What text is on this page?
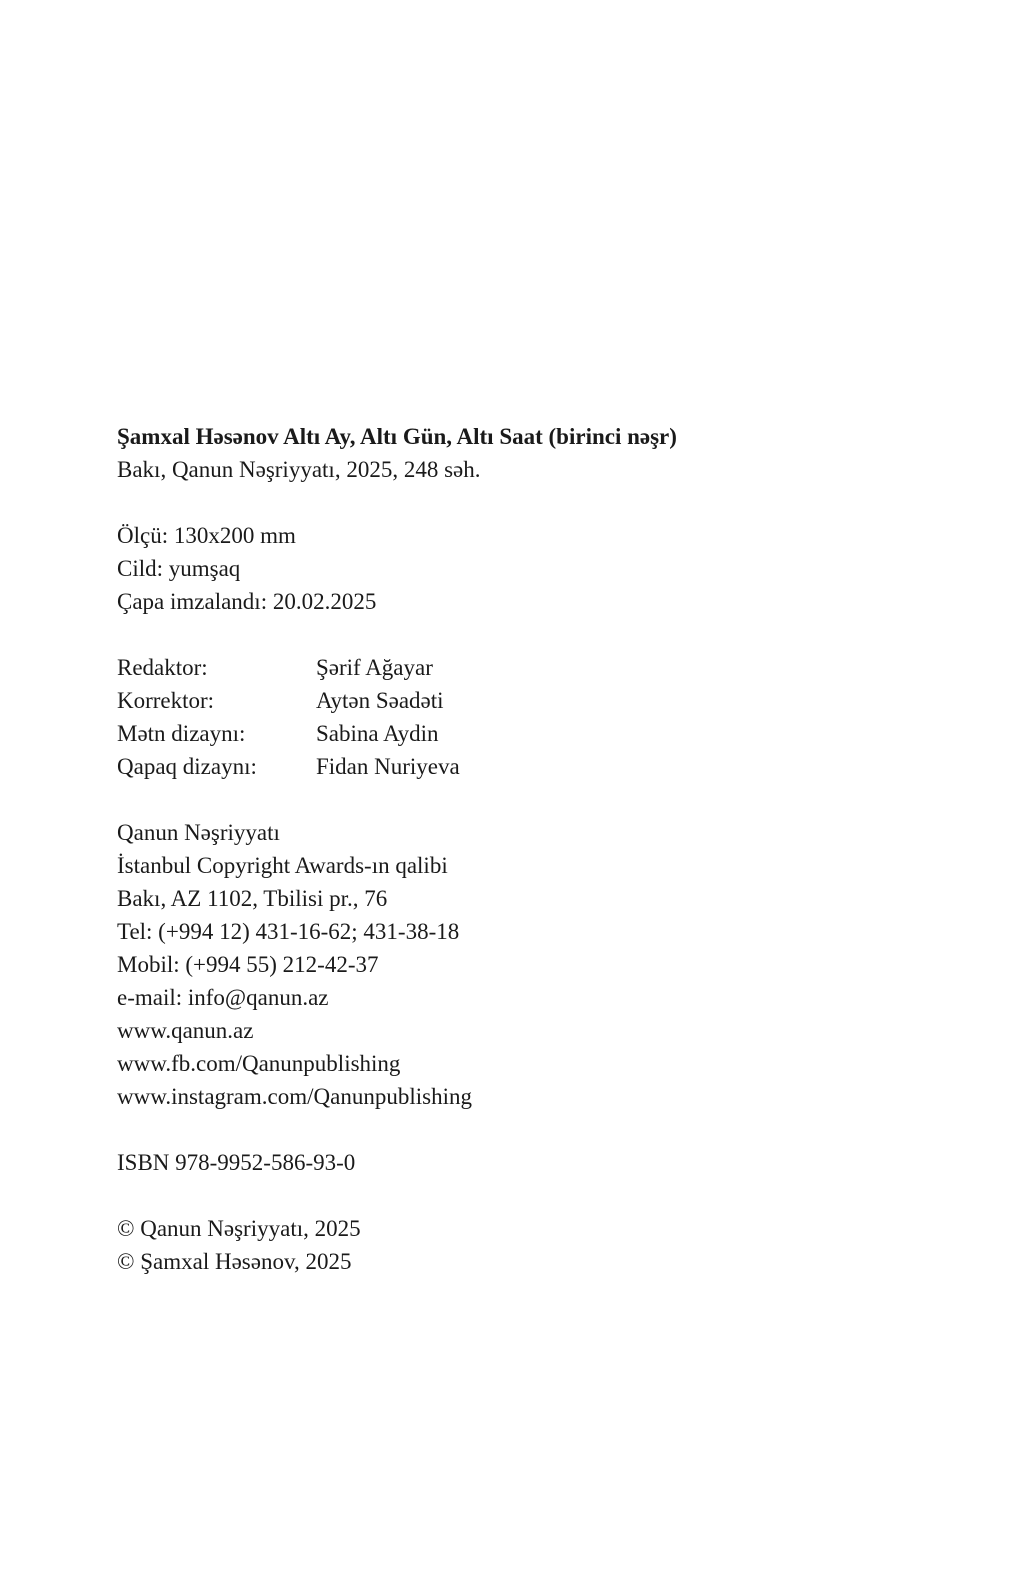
Şamxal Həsənov Altı Ay, Altı Gün, Altı Saat (birinci nəşr)
Bakı, Qanun Nəşriyyatı, 2025, 248 səh.
Ölçü: 130x200 mm
Cild: yumşaq
Çapa imzalandı: 20.02.2025
Redaktor:	Şərif Ağayar
Korrektor:	Aytən Səadəti
Mətn dizaynı:	Sabina Aydin
Qapaq dizaynı:	Fidan Nuriyeva
Qanun Nəşriyyatı
İstanbul Copyright Awards-ın qalibi
Bakı, AZ 1102, Tbilisi pr., 76
Tel: (+994 12) 431-16-62; 431-38-18
Mobil: (+994 55) 212-42-37
e-mail: info@qanun.az
www.qanun.az
www.fb.com/Qanunpublishing
www.instagram.com/Qanunpublishing
ISBN 978-9952-586-93-0
© Qanun Nəşriyyatı, 2025
© Şamxal Həsənov, 2025
